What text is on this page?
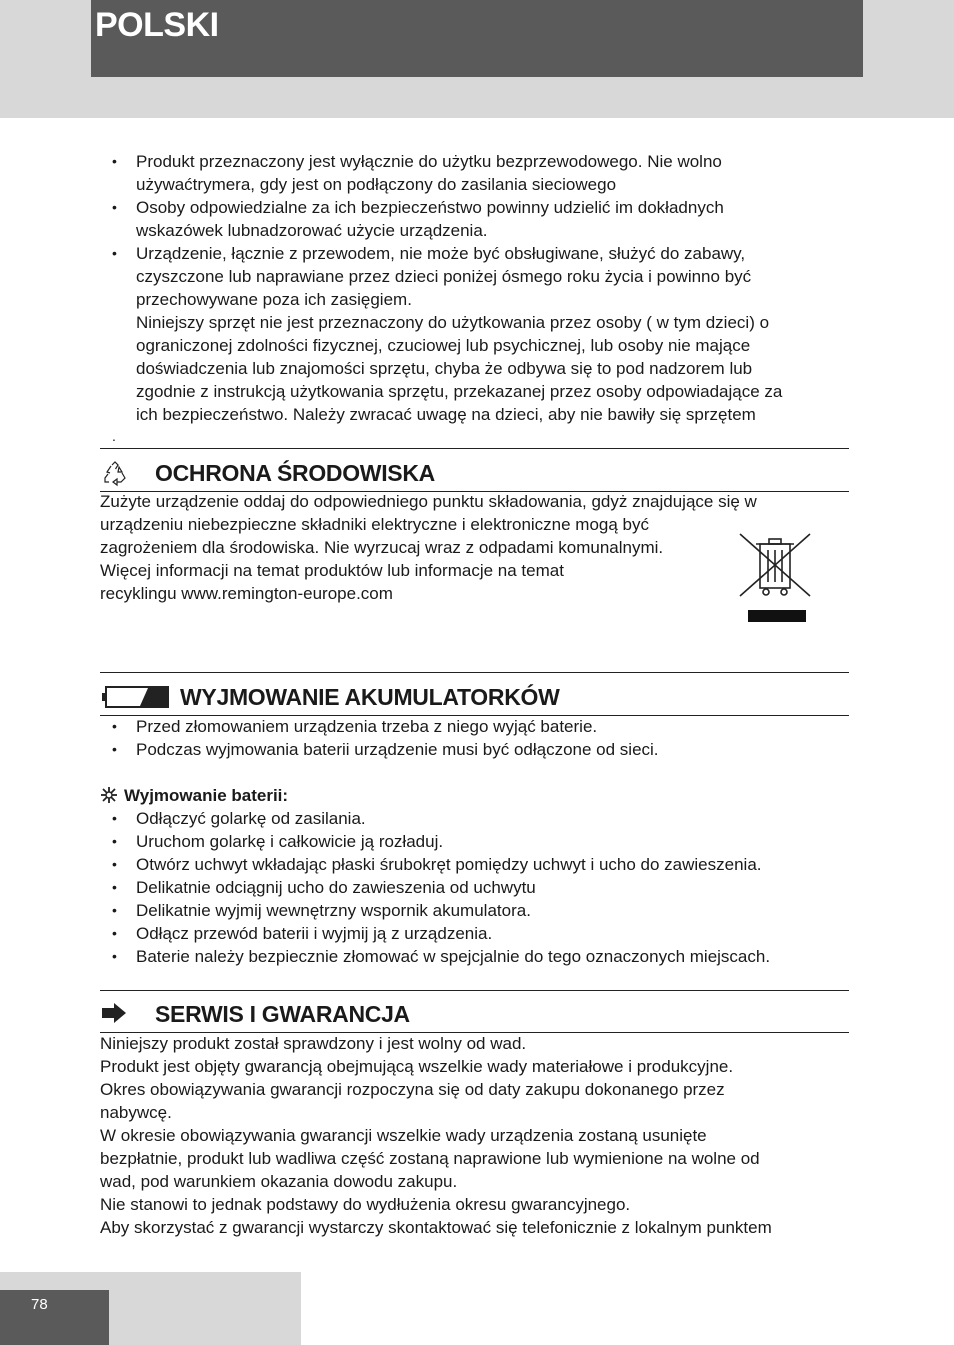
POLSKI
• Produkt przeznaczony jest wyłącznie do użytku bezprzewodowego. Nie wolno
używaćtrymera, gdy jest on podłączony do zasilania sieciowego
• Osoby odpowiedzialne za ich bezpieczeństwo powinny udzielić im dokładnych
wskazówek lubnadzorować użycie urządzenia.
• Urządzenie, łącznie z przewodem, nie może być obsługiwane, służyć do zabawy,
czyszczone lub naprawiane przez dzieci poniżej ósmego roku życia i powinno być
przechowywane poza ich zasięgiem.
Niniejszy sprzęt nie jest przeznaczony do użytkowania przez osoby ( w tym dzieci) o
ograniczonej zdolności fizycznej, czuciowej lub psychicznej, lub osoby nie mające
doświadczenia lub znajomości sprzętu, chyba że odbywa się to pod nadzorem lub
zgodnie z instrukcją użytkowania sprzętu, przekazanej przez osoby odpowiadające za
ich bezpieczeństwo. Należy zwracać uwagę na dzieci, aby nie bawiły się sprzętem
.
OCHRONA ŚRODOWISKA
Zużyte urządzenie oddaj do odpowiedniego punktu składowania, gdyż znajdujące się w
urządzeniu niebezpieczne składniki elektryczne i elektroniczne mogą być
zagrożeniem dla środowiska. Nie wyrzucaj wraz z odpadami komunalnymi.
Więcej informacji na temat produktów lub informacje na temat
recyklingu www.remington-europe.com
WYJMOWANIE AKUMULATORKÓW
• Przed złomowaniem urządzenia trzeba z niego wyjąć baterie.
• Podczas wyjmowania baterii urządzenie musi być odłączone od sieci.
Wyjmowanie baterii:
• Odłączyć golarkę od zasilania.
• Uruchom golarkę i całkowicie ją rozładuj.
• Otwórz uchwyt wkładając płaski śrubokręt pomiędzy uchwyt i ucho do zawieszenia.
• Delikatnie odciągnij ucho do zawieszenia od uchwytu
• Delikatnie wyjmij wewnętrzny wspornik akumulatora.
• Odłącz przewód baterii i wyjmij ją z urządzenia.
• Baterie należy bezpiecznie złomować w spejcjalnie do tego oznaczonych miejscach.
SERWIS I GWARANCJA
Niniejszy produkt został sprawdzony i jest wolny od wad.
Produkt jest objęty gwarancją obejmującą wszelkie wady materiałowe i produkcyjne.
Okres obowiązywania gwarancji rozpoczyna się od daty zakupu dokonanego przez
nabywcę.
W okresie obowiązywania gwarancji wszelkie wady urządzenia zostaną usunięte
bezpłatnie, produkt lub wadliwa część zostaną naprawione lub wymienione na wolne od
wad, pod warunkiem okazania dowodu zakupu.
Nie stanowi to jednak podstawy do wydłużenia okresu gwarancyjnego.
Aby skorzystać z gwarancji wystarczy skontaktować się telefonicznie z lokalnym punktem
78
